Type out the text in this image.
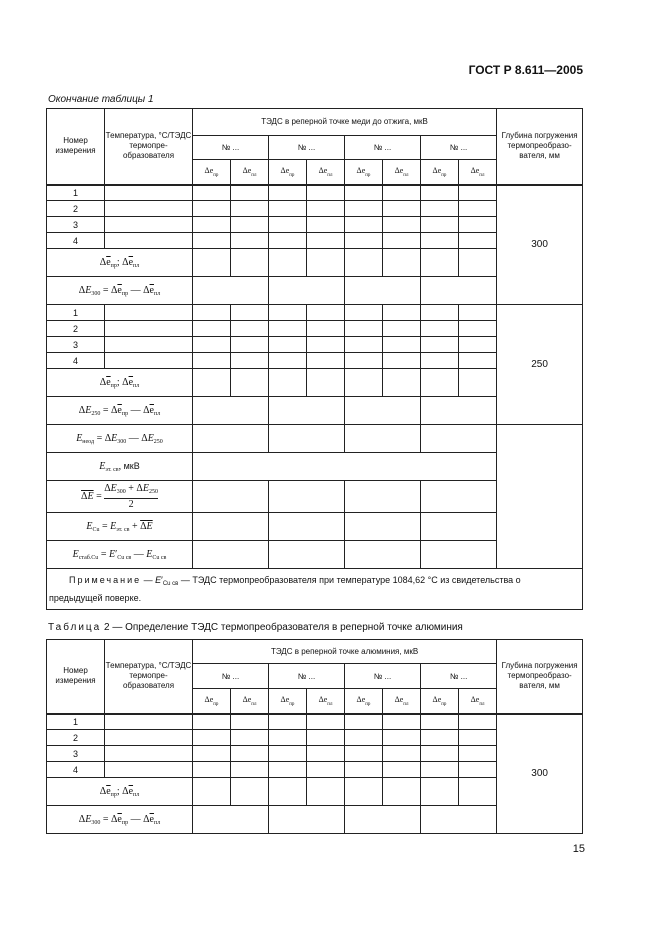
ГОСТ Р 8.611—2005
Окончание таблицы 1
Номер измерения	Температура, °С/ТЭДС термопре-образователя	ТЭДС в реперной точке меди до отжига, мкВ								Глубина погружения термопреобразо-вателя, мм
		№ ...		№ ...		№ ...		№ ...		
		$\Delta e_{пр}$	$\Delta e_{пл}$	$\Delta e_{пр}$	$\Delta e_{пл}$	$\Delta e_{пр}$	$\Delta e_{пл}$	$\Delta e_{пр}$	$\Delta e_{пл}$
1										300
2										
3										
4										
$\Delta\overline{e}_{пр}$; $\Delta\overline{e}_{пл}$								
$\Delta E_{300} = \Delta\overline{e}_{пр}$ — $\Delta\overline{e}_{пл}$				
1										250
2										
3										
4										
$\Delta\overline{e}_{пр}$; $\Delta\overline{e}_{пл}$								
$\Delta E_{250} = \Delta\overline{e}_{пр}$ — $\Delta\overline{e}_{пл}$				
$E_{неод} = \Delta E_{300}$ — $\Delta E_{250}$					
$E_{эт. св}$, мкВ										
$\Delta E = \frac{\Delta E_{300} + \Delta E_{250}}{2}$

$E_{Cu} = E_{эт. св} + \Delta E$										
$E_{стаб.Cu} = E'_{Cu св}$ — $E_{Cu св}$				
Примечание — $E'_{Cu св}$ — ТЭДС термопреобразователя при температуре 1084,62 °С из свидетельства о предыдущей поверке.										
Таблица 2 — Определение ТЭДС термопреобразователя в реперной точке алюминия
Номер измерения	Температура, °С/ТЭДС термопре-образователя	ТЭДС в реперной точке алюминия, мкВ								Глубина погружения термопреобразо-вателя, мм
		№ ...		№ ...		№ ...		№ ...		
		$\Delta e_{пр}$	$\Delta e_{пл}$	$\Delta e_{пр}$	$\Delta e_{пл}$	$\Delta e_{пр}$	$\Delta e_{пл}$	$\Delta e_{пр}$	$\Delta e_{пл}$
1										300
2										
3										
4										
$\Delta\overline{e}_{пр}$; $\Delta\overline{e}_{пл}$								
$\Delta E_{300} = \Delta\overline{e}_{пр}$ — $\Delta\overline{e}_{пл}$				
15
